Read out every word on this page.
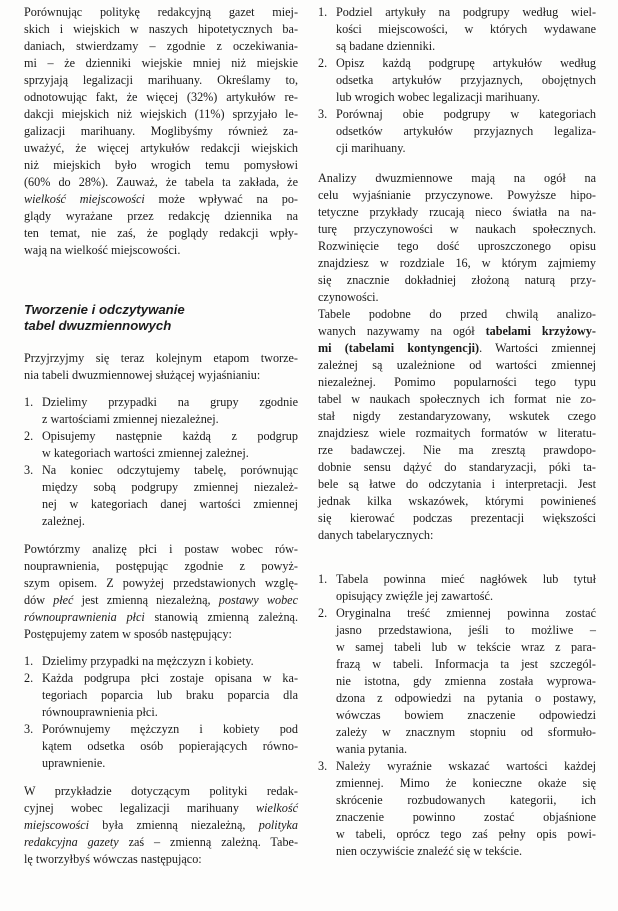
Porównując politykę redakcyjną gazet miej-
skich i wiejskich w naszych hipotetycznych ba-
daniach, stwierdzamy – zgodnie z oczekiwania-
mi – że dzienniki wiejskie mniej niż miejskie
sprzyjają legalizacji marihuany. Określamy to,
odnotowując fakt, że więcej (32%) artykułów re-
dakcji miejskich niż wiejskich (11%) sprzyjało le-
galizacji marihuany. Moglibyśmy również za-
uważyć, że więcej artykułów redakcji wiejskich
niż miejskich było wrogich temu pomysłowi
(60% do 28%). Zauważ, że tabela ta zakłada, że
wielkość miejscowości może wpływać na po-
glądy wyrażane przez redakcję dziennika na
ten temat, nie zaś, że poglądy redakcji wpły-
wają na wielkość miejscowości.
Tworzenie i odczytywanie
tabel dwuzmiennowych
Przyjrzyjmy się teraz kolejnym etapom tworze-
nia tabeli dwuzmiennowej służącej wyjaśnianiu:
1. Dzielimy przypadki na grupy zgodnie
z wartościami zmiennej niezależnej.
2. Opisujemy następnie każdą z podgrup
w kategoriach wartości zmiennej zależnej.
3. Na koniec odczytujemy tabelę, porównując
między sobą podgrupy zmiennej niezależ-
nej w kategoriach danej wartości zmiennej
zależnej.
Powtórzmy analizę płci i postaw wobec rów-
nouprawnienia, postępując zgodnie z powyż-
szym opisem. Z powyżej przedstawionych wzglę-
dów płeć jest zmienną niezależną, postawy wobec
równouprawnienia płci stanowią zmienną zależną.
Postępujemy zatem w sposób następujący:
1. Dzielimy przypadki na mężczyzn i kobiety.
2. Każda podgrupa płci zostaje opisana w ka-
tegoriach poparcia lub braku poparcia dla
równouprawnienia płci.
3. Porównujemy mężczyzn i kobiety pod
kątem odsetka osób popierających równo-
uprawnienie.
W przykładzie dotyczącym polityki redak-
cyjnej wobec legalizacji marihuany wielkość
miejscowości była zmienną niezależną, polityka
redakcyjna gazety zaś – zmienną zależną. Tabe-
lę tworzyłbyś wówczas następująco:
1. Podziel artykuły na podgrupy według wiel-
kości miejscowości, w których wydawane
są badane dzienniki.
2. Opisz każdą podgrupę artykułów według
odsetka artykułów przyjaznych, obojętnych
lub wrogich wobec legalizacji marihuany.
3. Porównaj obie podgrupy w kategoriach
odsetków artykułów przyjaznych legaliza-
cji marihuany.
Analizy dwuzmiennowe mają na ogół na
celu wyjaśnianie przyczynowe. Powyższe hipo-
tetyczne przykłady rzucają nieco światła na na-
turę przyczynowości w naukach społecznych.
Rozwinięcie tego dość uproszczonego opisu
znajdziesz w rozdziale 16, w którym zajmiemy
się znacznie dokładniej złożoną naturą przy-
czynowości.
Tabele podobne do przed chwilą analizo-
wanych nazywamy na ogół tabelami krzyżowy-
mi (tabelami kontyngencji). Wartości zmiennej
zależnej są uzależnione od wartości zmiennej
niezależnej. Pomimo popularności tego typu
tabel w naukach społecznych ich format nie zo-
stał nigdy zestandaryzowany, wskutek czego
znajdziesz wiele rozmaitych formatów w literatu-
rze badawczej. Nie ma zresztą prawdopo-
dobnie sensu dążyć do standaryzacji, póki ta-
bele są łatwe do odczytania i interpretacji. Jest
jednak kilka wskazówek, którymi powinieneś
się kierować podczas prezentacji większości
danych tabelarycznych:
1. Tabela powinna mieć nagłówek lub tytuł
opisujący zwięźle jej zawartość.
2. Oryginalna treść zmiennej powinna zostać
jasno przedstawiona, jeśli to możliwe –
w samej tabeli lub w tekście wraz z para-
frazą w tabeli. Informacja ta jest szczegól-
nie istotna, gdy zmienna została wyprowa-
dzona z odpowiedzi na pytania o postawy,
wówczas bowiem znaczenie odpowiedzi
zależy w znacznym stopniu od sformuło-
wania pytania.
3. Należy wyraźnie wskazać wartości każdej
zmiennej. Mimo że konieczne okaże się
skrócenie rozbudowanych kategorii, ich
znaczenie powinno zostać objaśnione
w tabeli, oprócz tego zaś pełny opis powi-
nien oczywiście znaleźć się w tekście.
